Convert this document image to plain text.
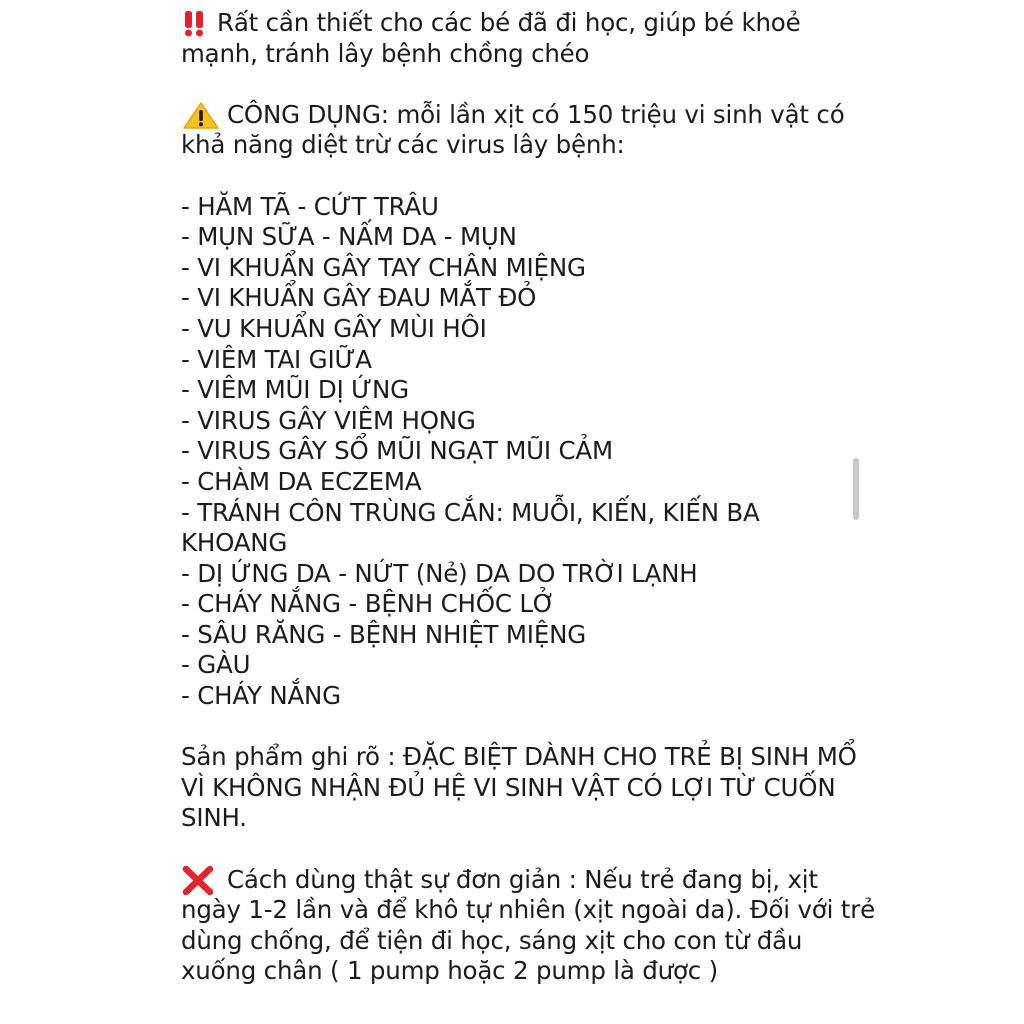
Rất cần thiết cho các bé đã đi học, giúp bé khoẻ
mạnh, tránh lây bệnh chồng chéo
CÔNG DỤNG: mỗi lần xịt có 150 triệu vi sinh vật có
khả năng diệt trừ các virus lây bệnh:
- HĂM TÃ - CỨT TRÂU
- MỤN SỮA - NẤM DA - MỤN
- VI KHUẨN GÂY TAY CHÂN MIỆNG
- VI KHUẨN GÂY ĐAU MẮT ĐỎ
- VU KHUẨN GÂY MÙI HÔI
- VIÊM TAI GIỮA
- VIÊM MŨI DỊ ỨNG
- VIRUS GÂY VIÊM HỌNG
- VIRUS GÂY SỔ MŨI NGẠT MŨI CẢM
- CHÀM DA ECZEMA
- TRÁNH CÔN TRÙNG CẮN: MUỖI, KIẾN, KIẾN BA
KHOANG
- DỊ ỨNG DA - NỨT (Nẻ) DA DO TRỜI LẠNH
- CHÁY NẮNG - BỆNH CHỐC LỞ
- SÂU RĂNG - BỆNH NHIỆT MIỆNG
- GÀU
- CHÁY NẮNG
Sản phẩm ghi rõ : ĐẶC BIỆT DÀNH CHO TRẺ BỊ SINH MỔ
VÌ KHÔNG NHẬN ĐỦ HỆ VI SINH VẬT CÓ LỢI TỪ CUỐN
SINH.
Cách dùng thật sự đơn giản : Nếu trẻ đang bị, xịt
ngày 1-2 lần và để khô tự nhiên (xịt ngoài da). Đối với trẻ
dùng chống, để tiện đi học, sáng xịt cho con từ đầu
xuống chân ( 1 pump hoặc 2 pump là được )
